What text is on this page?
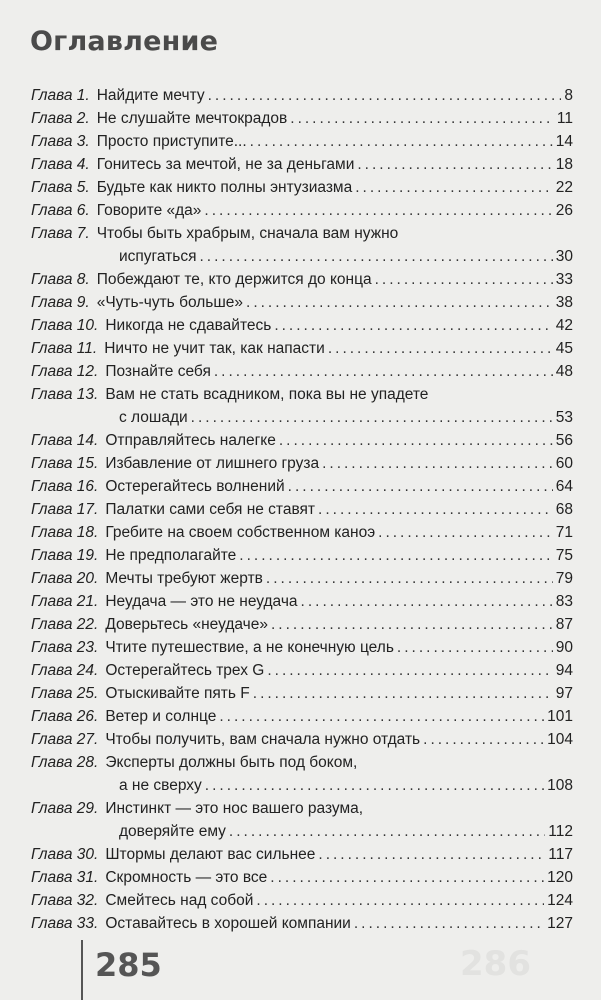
Оглавление
Глава 1. Найдите мечту .....	8
Глава 2. Не слушайте мечтокрадов .....	11
Глава 3. Просто приступите... .....	14
Глава 4. Гонитесь за мечтой, не за деньгами .....	18
Глава 5. Будьте как никто полны энтузиазма .....	22
Глава 6. Говорите «да» .....	26
Глава 7. Чтобы быть храбрым, сначала вам нужно
испугаться .....	30
Глава 8. Побеждают те, кто держится до конца .....	33
Глава 9. «Чуть-чуть больше» .....	38
Глава 10. Никогда не сдавайтесь .....	42
Глава 11. Ничто не учит так, как напасти .....	45
Глава 12. Познайте себя .....	48
Глава 13. Вам не стать всадником, пока вы не упадете
с лошади .....	53
Глава 14. Отправляйтесь налегке .....	56
Глава 15. Избавление от лишнего груза .....	60
Глава 16. Остерегайтесь волнений .....	64
Глава 17. Палатки сами себя не ставят .....	68
Глава 18. Гребите на своем собственном каноэ .....	71
Глава 19. Не предполагайте .....	75
Глава 20. Мечты требуют жертв .....	79
Глава 21. Неудача — это не неудача .....	83
Глава 22. Доверьтесь «неудаче» .....	87
Глава 23. Чтите путешествие, а не конечную цель .....	90
Глава 24. Остерегайтесь трех G .....	94
Глава 25. Отыскивайте пять F .....	97
Глава 26. Ветер и солнце .....	101
Глава 27. Чтобы получить, вам сначала нужно отдать .....	104
Глава 28. Эксперты должны быть под боком,
а не сверху .....	108
Глава 29. Инстинкт — это нос вашего разума,
доверяйте ему .....	112
Глава 30. Штормы делают вас сильнее .....	117
Глава 31. Скромность — это все .....	120
Глава 32. Смейтесь над собой .....	124
Глава 33. Оставайтесь в хорошей компании .....	127
285	286
